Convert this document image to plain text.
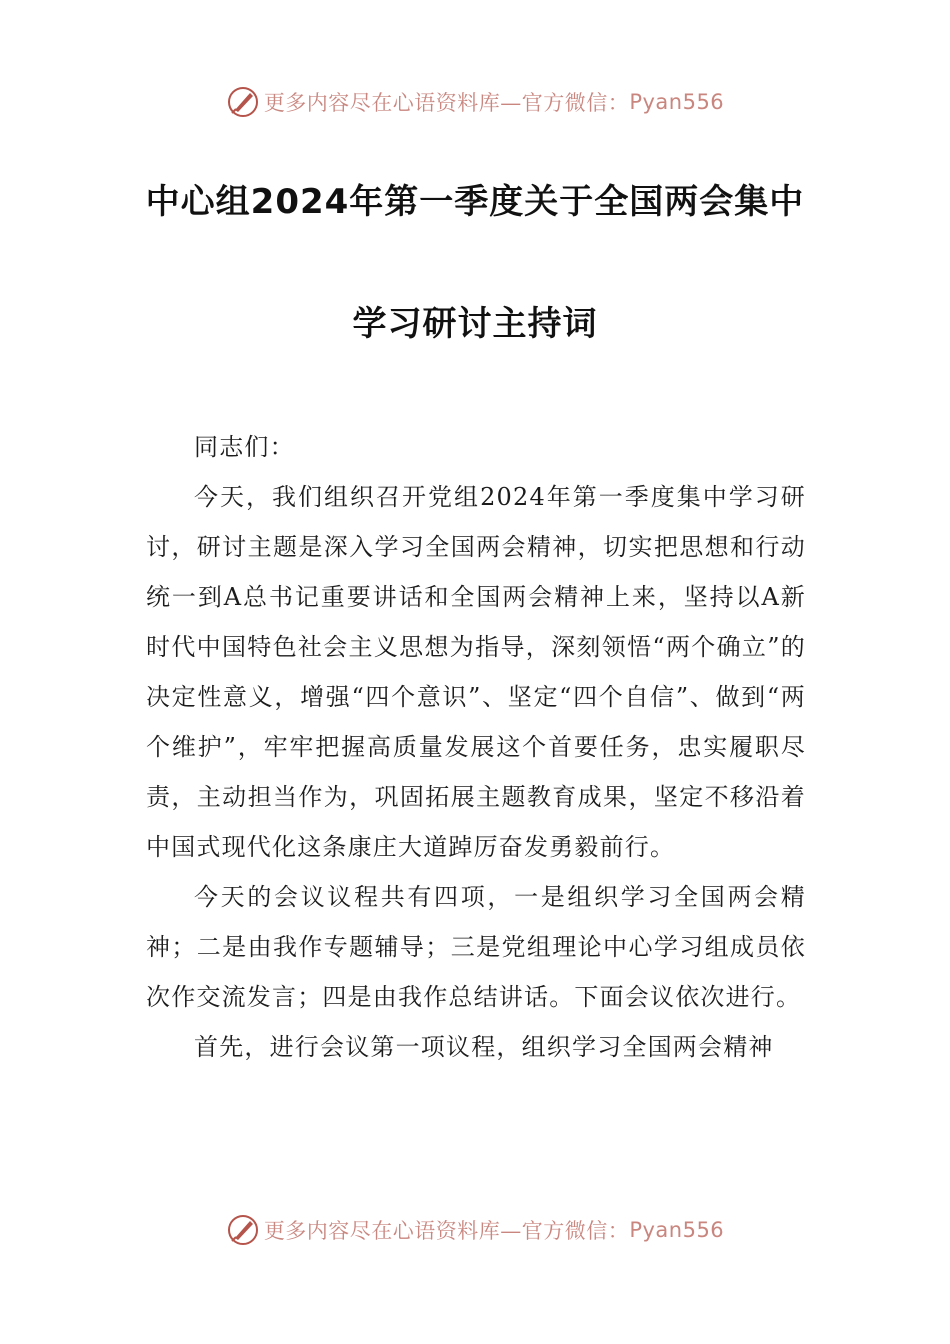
更多内容尽在心语资料库—官方微信： Pyan556
中心组2024年第一季度关于全国两会集中
学习研讨主持词

同志们：

今天，我们组织召开党组2024年第一季度集中学习研讨，研讨主题是深入学习全国两会精神，切实把思想和行动统一到A总书记重要讲话和全国两会精神上来，坚持以A新时代中国特色社会主义思想为指导，深刻领悟“两个确立”的决定性意义，增强“四个意识”、坚定“四个自信”、做到“两个维护”，牢牢把握高质量发展这个首要任务，忠实履职尽责，主动担当作为，巩固拓展主题教育成果，坚定不移沿着中国式现代化这条康庄大道踔厉奋发勇毅前行。

今天的会议议程共有四项，一是组织学习全国两会精神；二是由我作专题辅导；三是党组理论中心学习组成员依次作交流发言；四是由我作总结讲话。下面会议依次进行。

首先，进行会议第一项议程，组织学习全国两会精神

更多内容尽在心语资料库—官方微信： Pyan556
